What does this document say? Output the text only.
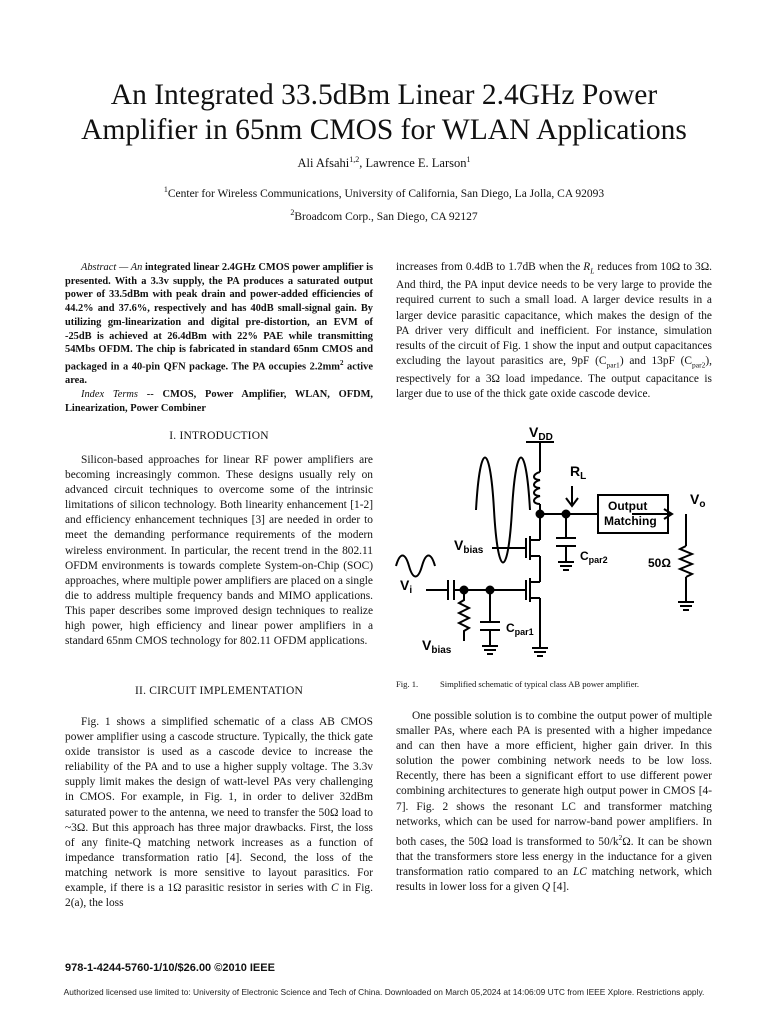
An Integrated 33.5dBm Linear 2.4GHz Power
Amplifier in 65nm CMOS for WLAN Applications
Ali Afsahi$^{1,2}$, Lawrence E. Larson$^1$
$^1$Center for Wireless Communications, University of California, San Diego, La Jolla, CA 92093
$^2$Broadcom Corp., San Diego, CA 92127

Abstract — An integrated linear 2.4GHz CMOS power amplifier is presented. With a 3.3v supply, the PA produces a saturated output power of 33.5dBm with peak drain and power-added efficiencies of 44.2% and 37.6%, respectively and has 40dB small-signal gain. By utilizing gm-linearization and digital pre-distortion, an EVM of -25dB is achieved at 26.4dBm with 22% PAE while transmitting 54Mbs OFDM. The chip is fabricated in standard 65nm CMOS and packaged in a 40-pin QFN package. The PA occupies $2.2mm^2$ active area.

Index Terms -- CMOS, Power Amplifier, WLAN, OFDM, Linearization, Power Combiner

I. INTRODUCTION

Silicon-based approaches for linear RF power amplifiers are becoming increasingly common. These designs usually rely on advanced circuit techniques to overcome some of the intrinsic limitations of silicon technology. Both linearity enhancement [1-2] and efficiency enhancement techniques [3] are needed in order to meet the demanding performance requirements of the modern wireless environment. In particular, the recent trend in the 802.11 OFDM environments is towards complete System-on-Chip (SOC) approaches, where multiple power amplifiers are placed on a single die to address multiple frequency bands and MIMO applications. This paper describes some improved design techniques to realize high power, high efficiency and linear power amplifiers in a standard 65nm CMOS technology for 802.11 OFDM applications.

II. CIRCUIT IMPLEMENTATION

Fig. 1 shows a simplified schematic of a class AB CMOS power amplifier using a cascode structure. Typically, the thick gate oxide transistor is used as a cascode device to increase the reliability of the PA and to use a higher supply voltage. The 3.3v supply limit makes the design of watt-level PAs very challenging in CMOS. For example, in Fig. 1, in order to deliver 32dBm saturated power to the antenna, we need to transfer the 50Ω load to ~3Ω. But this approach has three major drawbacks. First, the loss of any finite-Q matching network increases as a function of impedance transformation ratio [4]. Second, the loss of the matching network is more sensitive to layout parasitics. For example, if there is a 1Ω parasitic resistor in series with C in Fig. 2(a), the loss

increases from 0.4dB to 1.7dB when the $R_L$ reduces from 10Ω to 3Ω. And third, the PA input device needs to be very large to provide the required current to such a small load. A larger device results in a larger device parasitic capacitance, which makes the design of the PA driver very difficult and inefficient. For instance, simulation results of the circuit of Fig. 1 show the input and output capacitances excluding the layout parasitics are, 9pF $(C_{par1})$ and 13pF $(C_{par2})$, respectively for a 3Ω load impedance. The output capacitance is larger due to use of the thick gate oxide cascode device.

$V_{DD}$
$R_L$
Output
Matching
$V_o$
$V_{bias}$	$C_{par2}$	50Ω
$V_i$
$C_{par1}$
$V_{bias}$
Fig. 1.	Simplified schematic of typical class AB power amplifier.

One possible solution is to combine the output power of multiple smaller PAs, where each PA is presented with a higher impedance and can then have a more efficient, higher gain driver. In this solution the power combining network needs to be low loss. Recently, there has been a significant effort to use different power combining architectures to generate high output power in CMOS [4-7]. Fig. 2 shows the resonant LC and transformer matching networks, which can be used for narrow-band power amplifiers. In both cases, the 50Ω load is transformed to $50/k^2\Omega$. It can be shown that the transformers store less energy in the inductance for a given transformation ratio compared to an LC matching network, which results in lower loss for a given Q [4].

978-1-4244-5760-1/10/$26.00 ©2010 IEEE
Authorized licensed use limited to: University of Electronic Science and Tech of China. Downloaded on March 05,2024 at 14:06:09 UTC from IEEE Xplore. Restrictions apply.
